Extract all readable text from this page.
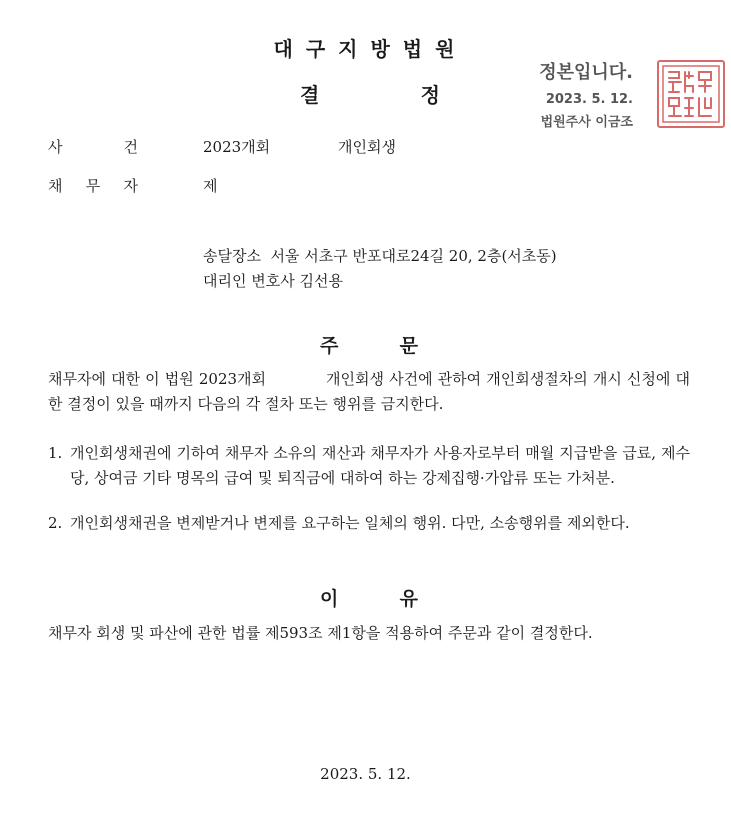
대구지방법원
결	정
정본입니다.
2023. 5. 12.
법원주사 이금조
사	건	2023개회	개인회생
채 무 자	제
송달장소  서울 서초구 반포대로24길 20, 2층(서초동)
대리인 변호사 김선용
주	문
채무자에 대한 이 법원 2023개회	개인회생 사건에 관하여 개인회생절차의 개시 신청에 대한 결정이 있을 때까지 다음의 각 절차 또는 행위를 금지한다.
1. 개인회생채권에 기하여 채무자 소유의 재산과 채무자가 사용자로부터 매월 지급받을 급료, 제수당, 상여금 기타 명목의 급여 및 퇴직금에 대하여 하는 강제집행·가압류 또는 가처분.
2. 개인회생채권을 변제받거나 변제를 요구하는 일체의 행위. 다만, 소송행위를 제외한다.
이	유
채무자 회생 및 파산에 관한 법률 제593조 제1항을 적용하여 주문과 같이 결정한다.
2023. 5. 12.
